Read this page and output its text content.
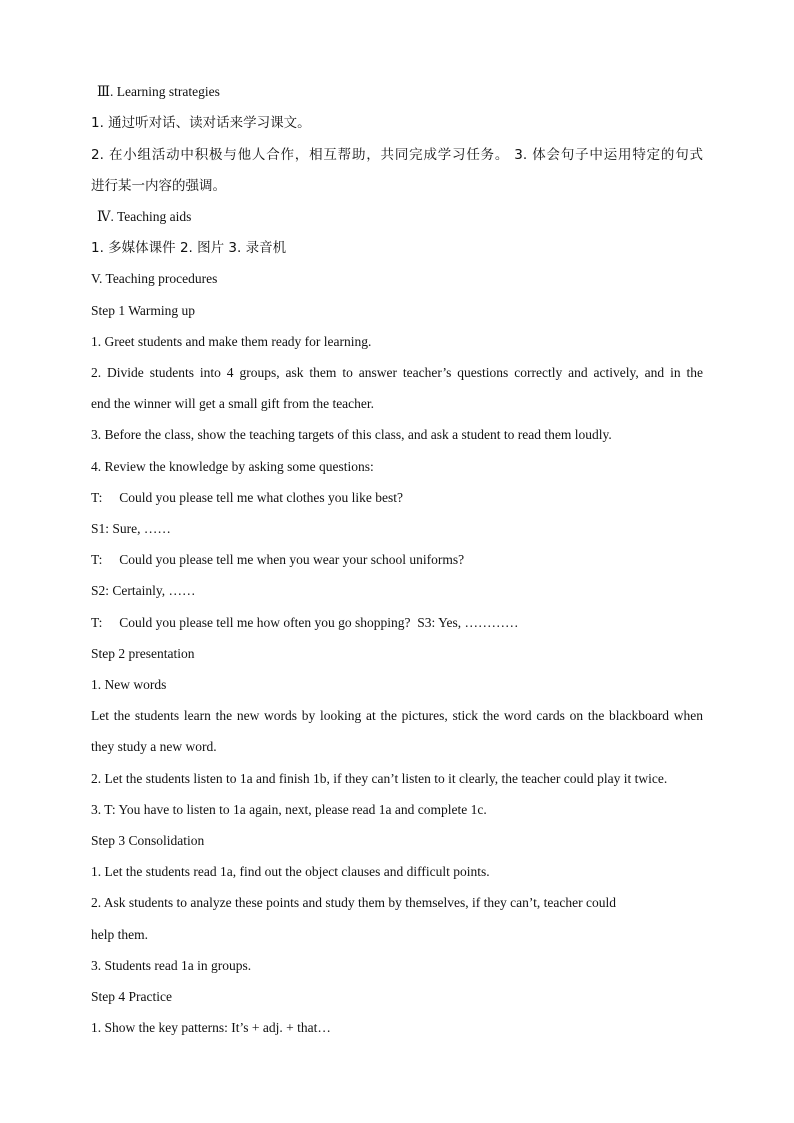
Ⅲ. Learning strategies
1. 通过听对话、读对话来学习课文。
2. 在小组活动中积极与他人合作，相互帮助，共同完成学习任务。 3. 体会句子中运用特定的句式
进行某一内容的强调。
Ⅳ. Teaching aids
1. 多媒体课件 2. 图片 3. 录音机
V. Teaching procedures
Step 1 Warming up
1. Greet students and make them ready for learning.
2. Divide students into 4 groups, ask them to answer teacher’s questions correctly and actively, and in the
end the winner will get a small gift from the teacher.
3. Before the class, show the teaching targets of this class, and ask a student to read them loudly.
4. Review the knowledge by asking some questions:
T:     Could you please tell me what clothes you like best?
S1: Sure, ……
T:     Could you please tell me when you wear your school uniforms?
S2: Certainly, ……
T:     Could you please tell me how often you go shopping?  S3: Yes, …………
Step 2 presentation
1. New words
Let the students learn the new words by looking at the pictures, stick the word cards on the blackboard when
they study a new word.
2. Let the students listen to 1a and finish 1b, if they can’t listen to it clearly, the teacher could play it twice.
3. T: You have to listen to 1a again, next, please read 1a and complete 1c.
Step 3 Consolidation
1. Let the students read 1a, find out the object clauses and difficult points.
2. Ask students to analyze these points and study them by themselves, if they can’t, teacher could
help them.
3. Students read 1a in groups.
Step 4 Practice
1. Show the key patterns: It’s + adj. + that…
